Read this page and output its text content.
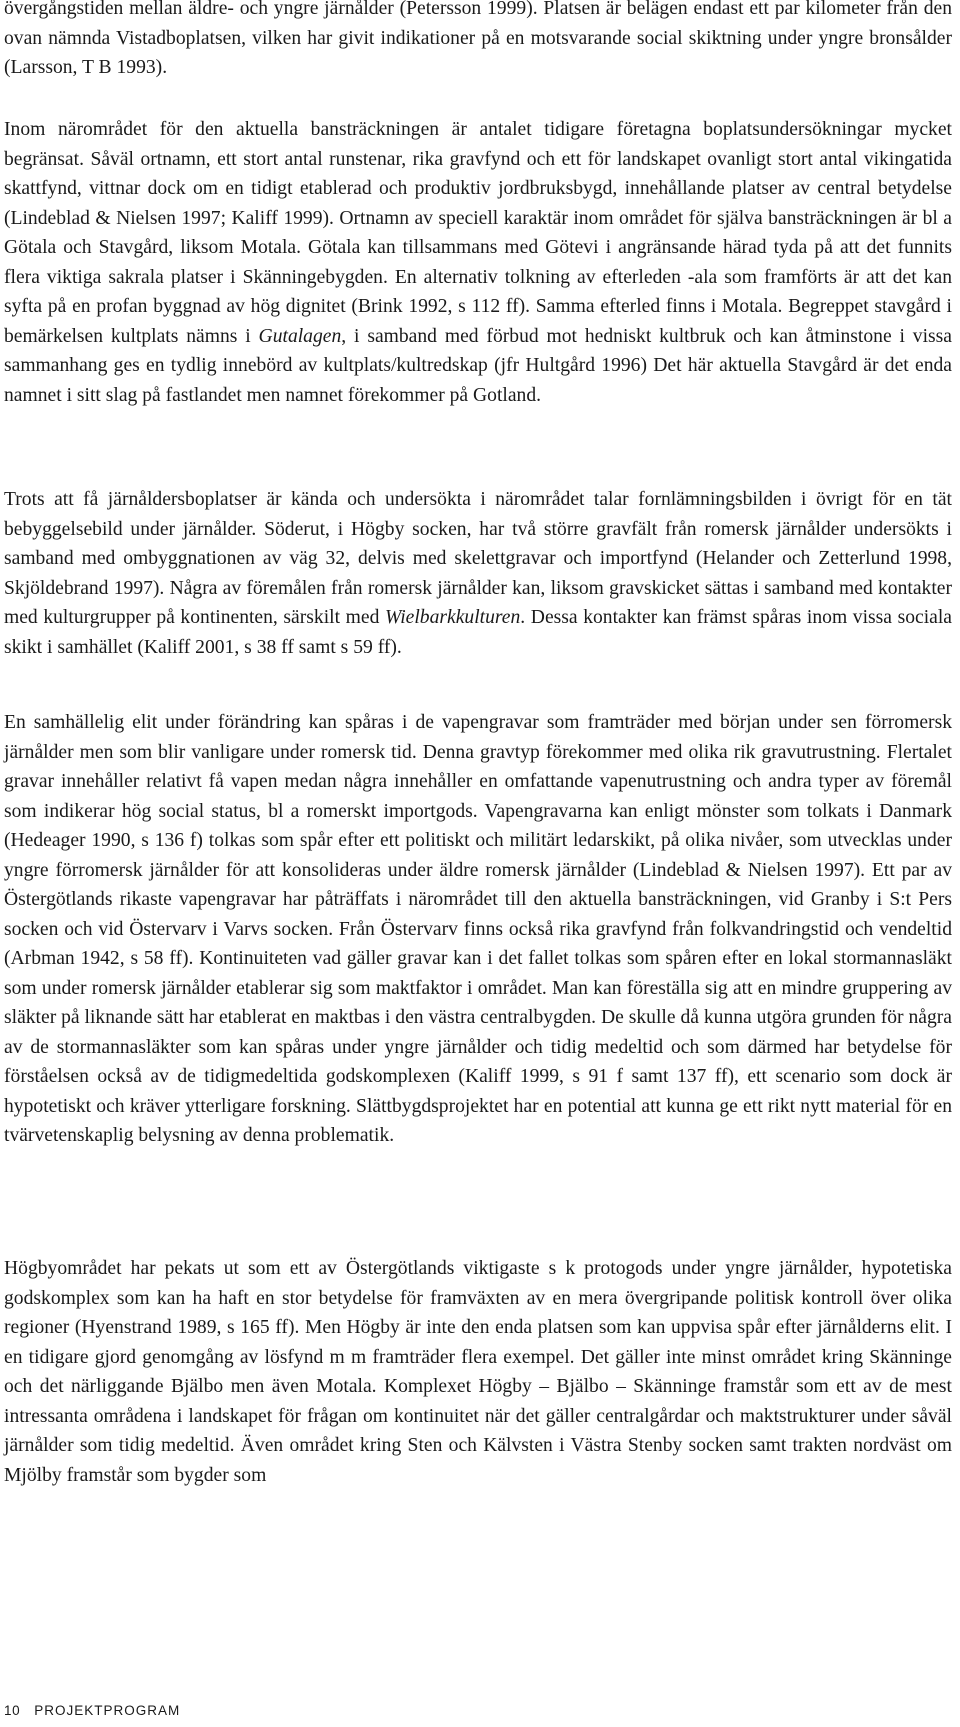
övergångstiden mellan äldre- och yngre järnålder (Petersson 1999). Platsen är belägen endast ett par kilometer från den ovan nämnda Vistadboplatsen, vilken har givit indikationer på en motsvarande social skiktning under yngre bronsålder (Larsson, T B 1993).

Inom närområdet för den aktuella bansträckningen är antalet tidigare företagna boplatsundersökningar mycket begränsat. Såväl ortnamn, ett stort antal runstenar, rika gravfynd och ett för landskapet ovanligt stort antal vikingatida skattfynd, vittnar dock om en tidigt etablerad och produktiv jordbruksbygd, innehållande platser av central betydelse (Lindeblad & Nielsen 1997; Kaliff 1999). Ortnamn av speciell karaktär inom området för själva bansträckningen är bl a Götala och Stavgård, liksom Motala. Götala kan tillsammans med Götevi i angränsande härad tyda på att det funnits flera viktiga sakrala platser i Skänningebygden. En alternativ tolkning av efterleden -ala som framförts är att det kan syfta på en profan byggnad av hög dignitet (Brink 1992, s 112 ff). Samma efterled finns i Motala. Begreppet stavgård i bemärkelsen kultplats nämns i Gutalagen, i samband med förbud mot hedniskt kultbruk och kan åtminstone i vissa sammanhang ges en tydlig innebörd av kultplats/kultredskap (jfr Hultgård 1996) Det här aktuella Stavgård är det enda namnet i sitt slag på fastlandet men namnet förekommer på Gotland.

Trots att få järnåldersboplatser är kända och undersökta i närområdet talar fornlämningsbilden i övrigt för en tät bebyggelsebild under järnålder. Söderut, i Högby socken, har två större gravfält från romersk järnålder undersökts i samband med ombyggnationen av väg 32, delvis med skelettgravar och importfynd (Helander och Zetterlund 1998, Skjöldebrand 1997). Några av föremålen från romersk järnålder kan, liksom gravskicket sättas i samband med kontakter med kulturgrupper på kontinenten, särskilt med Wielbarkkulturen. Dessa kontakter kan främst spåras inom vissa sociala skikt i samhället (Kaliff 2001, s 38 ff samt s 59 ff).

En samhällelig elit under förändring kan spåras i de vapengravar som framträder med början under sen förromersk järnålder men som blir vanligare under romersk tid. Denna gravtyp förekommer med olika rik gravutrustning. Flertalet gravar innehåller relativt få vapen medan några innehåller en omfattande vapenutrustning och andra typer av föremål som indikerar hög social status, bl a romerskt importgods. Vapengravarna kan enligt mönster som tolkats i Danmark (Hedeager 1990, s 136 f) tolkas som spår efter ett politiskt och militärt ledarskikt, på olika nivåer, som utvecklas under yngre förromersk järnålder för att konsolideras under äldre romersk järnålder (Lindeblad & Nielsen 1997). Ett par av Östergötlands rikaste vapengravar har påträffats i närområdet till den aktuella bansträckningen, vid Granby i S:t Pers socken och vid Östervarv i Varvs socken. Från Östervarv finns också rika gravfynd från folkvandringstid och vendeltid (Arbman 1942, s 58 ff). Kontinuiteten vad gäller gravar kan i det fallet tolkas som spåren efter en lokal stormannasläkt som under romersk järnålder etablerar sig som maktfaktor i området. Man kan föreställa sig att en mindre gruppering av släkter på liknande sätt har etablerat en maktbas i den västra centralbygden. De skulle då kunna utgöra grunden för några av de stormannasläkter som kan spåras under yngre järnålder och tidig medeltid och som därmed har betydelse för förståelsen också av de tidigmedeltida godskomplexen (Kaliff 1999, s 91 f samt 137 ff), ett scenario som dock är hypotetiskt och kräver ytterligare forskning. Slättbygdsprojektet har en potential att kunna ge ett rikt nytt material för en tvärvetenskaplig belysning av denna problematik.

Högbyområdet har pekats ut som ett av Östergötlands viktigaste s k protogods under yngre järnålder, hypotetiska godskomplex som kan ha haft en stor betydelse för framväxten av en mera övergripande politisk kontroll över olika regioner (Hyenstrand 1989, s 165 ff). Men Högby är inte den enda platsen som kan uppvisa spår efter järnålderns elit. I en tidigare gjord genomgång av lösfynd m m framträder flera exempel. Det gäller inte minst området kring Skänninge och det närliggande Bjälbo men även Motala. Komplexet Högby – Bjälbo – Skänninge framstår som ett av de mest intressanta områdena i landskapet för frågan om kontinuitet när det gäller centralgårdar och maktstrukturer under såväl järnålder som tidig medeltid. Även området kring Sten och Kälvsten i Västra Stenby socken samt trakten nordväst om Mjölby framstår som bygder som

10 PROJEKTPROGRAM
